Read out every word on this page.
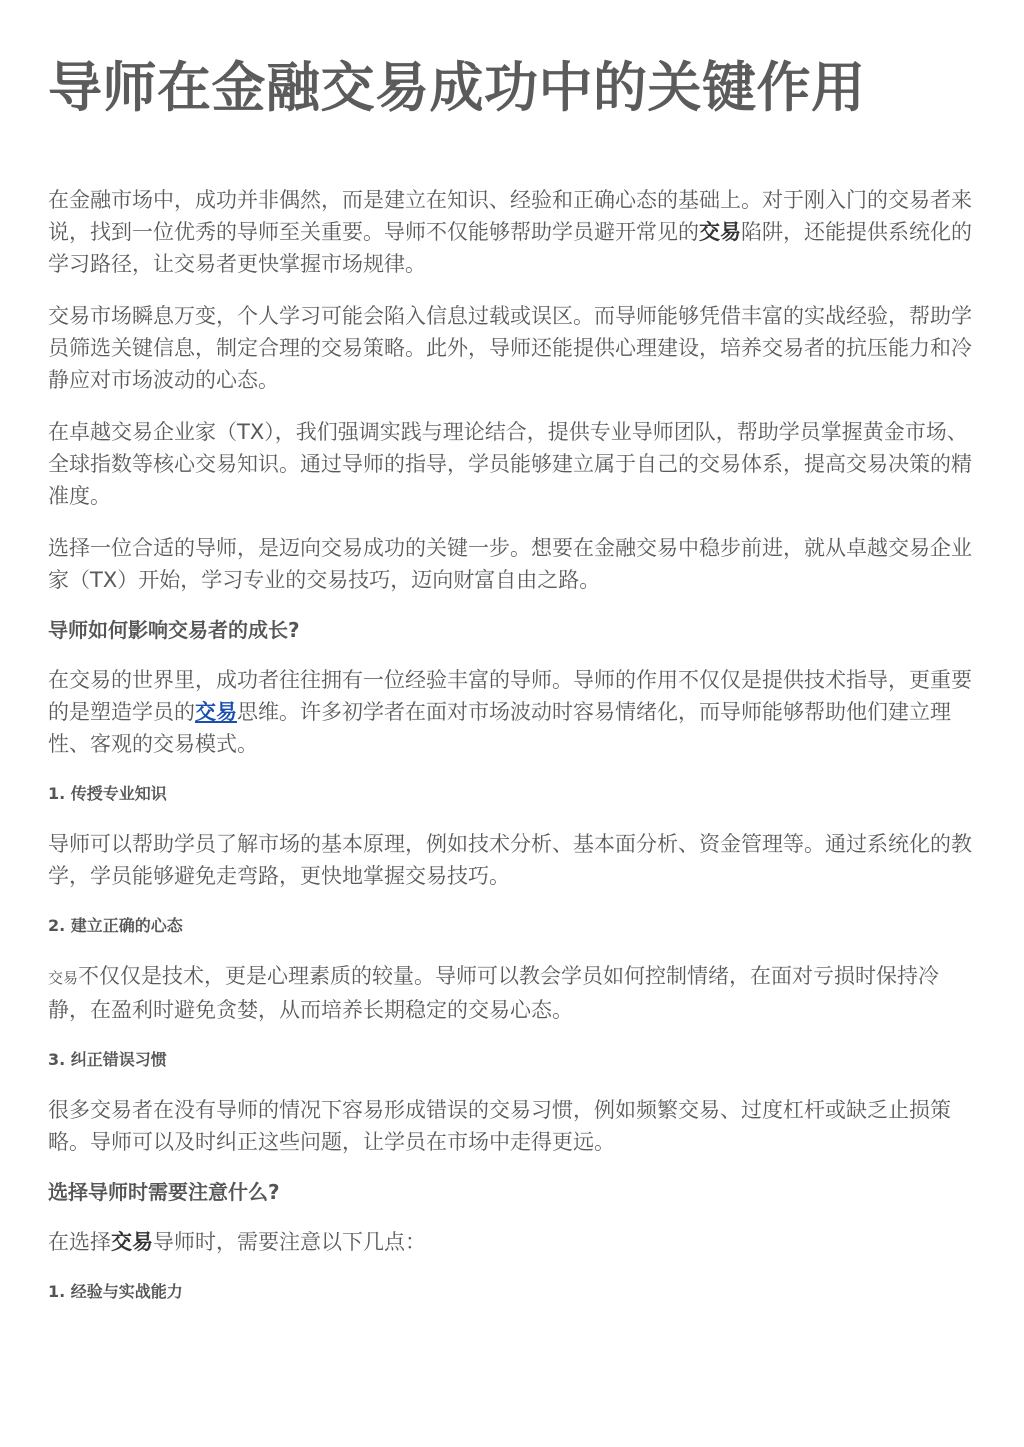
导师在金融交易成功中的关键作用

在金融市场中，成功并非偶然，而是建立在知识、经验和正确心态的基础上。对于刚入门的交易者来说，找到一位优秀的导师至关重要。导师不仅能够帮助学员避开常见的交易陷阱，还能提供系统化的学习路径，让交易者更快掌握市场规律。

交易市场瞬息万变，个人学习可能会陷入信息过载或误区。而导师能够凭借丰富的实战经验，帮助学员筛选关键信息，制定合理的交易策略。此外，导师还能提供心理建设，培养交易者的抗压能力和冷静应对市场波动的心态。

在卓越交易企业家（TX），我们强调实践与理论结合，提供专业导师团队，帮助学员掌握黄金市场、全球指数等核心交易知识。通过导师的指导，学员能够建立属于自己的交易体系，提高交易决策的精准度。

选择一位合适的导师，是迈向交易成功的关键一步。想要在金融交易中稳步前进，就从卓越交易企业家（TX）开始，学习专业的交易技巧，迈向财富自由之路。

导师如何影响交易者的成长?

在交易的世界里，成功者往往拥有一位经验丰富的导师。导师的作用不仅仅是提供技术指导，更重要的是塑造学员的交易思维。许多初学者在面对市场波动时容易情绪化，而导师能够帮助他们建立理性、客观的交易模式。

1. 传授专业知识

导师可以帮助学员了解市场的基本原理，例如技术分析、基本面分析、资金管理等。通过系统化的教学，学员能够避免走弯路，更快地掌握交易技巧。

2. 建立正确的心态

交易不仅仅是技术，更是心理素质的较量。导师可以教会学员如何控制情绪，在面对亏损时保持冷静，在盈利时避免贪婪，从而培养长期稳定的交易心态。

3. 纠正错误习惯

很多交易者在没有导师的情况下容易形成错误的交易习惯，例如频繁交易、过度杠杆或缺乏止损策略。导师可以及时纠正这些问题，让学员在市场中走得更远。

选择导师时需要注意什么?

在选择交易导师时，需要注意以下几点：

1. 经验与实战能力
